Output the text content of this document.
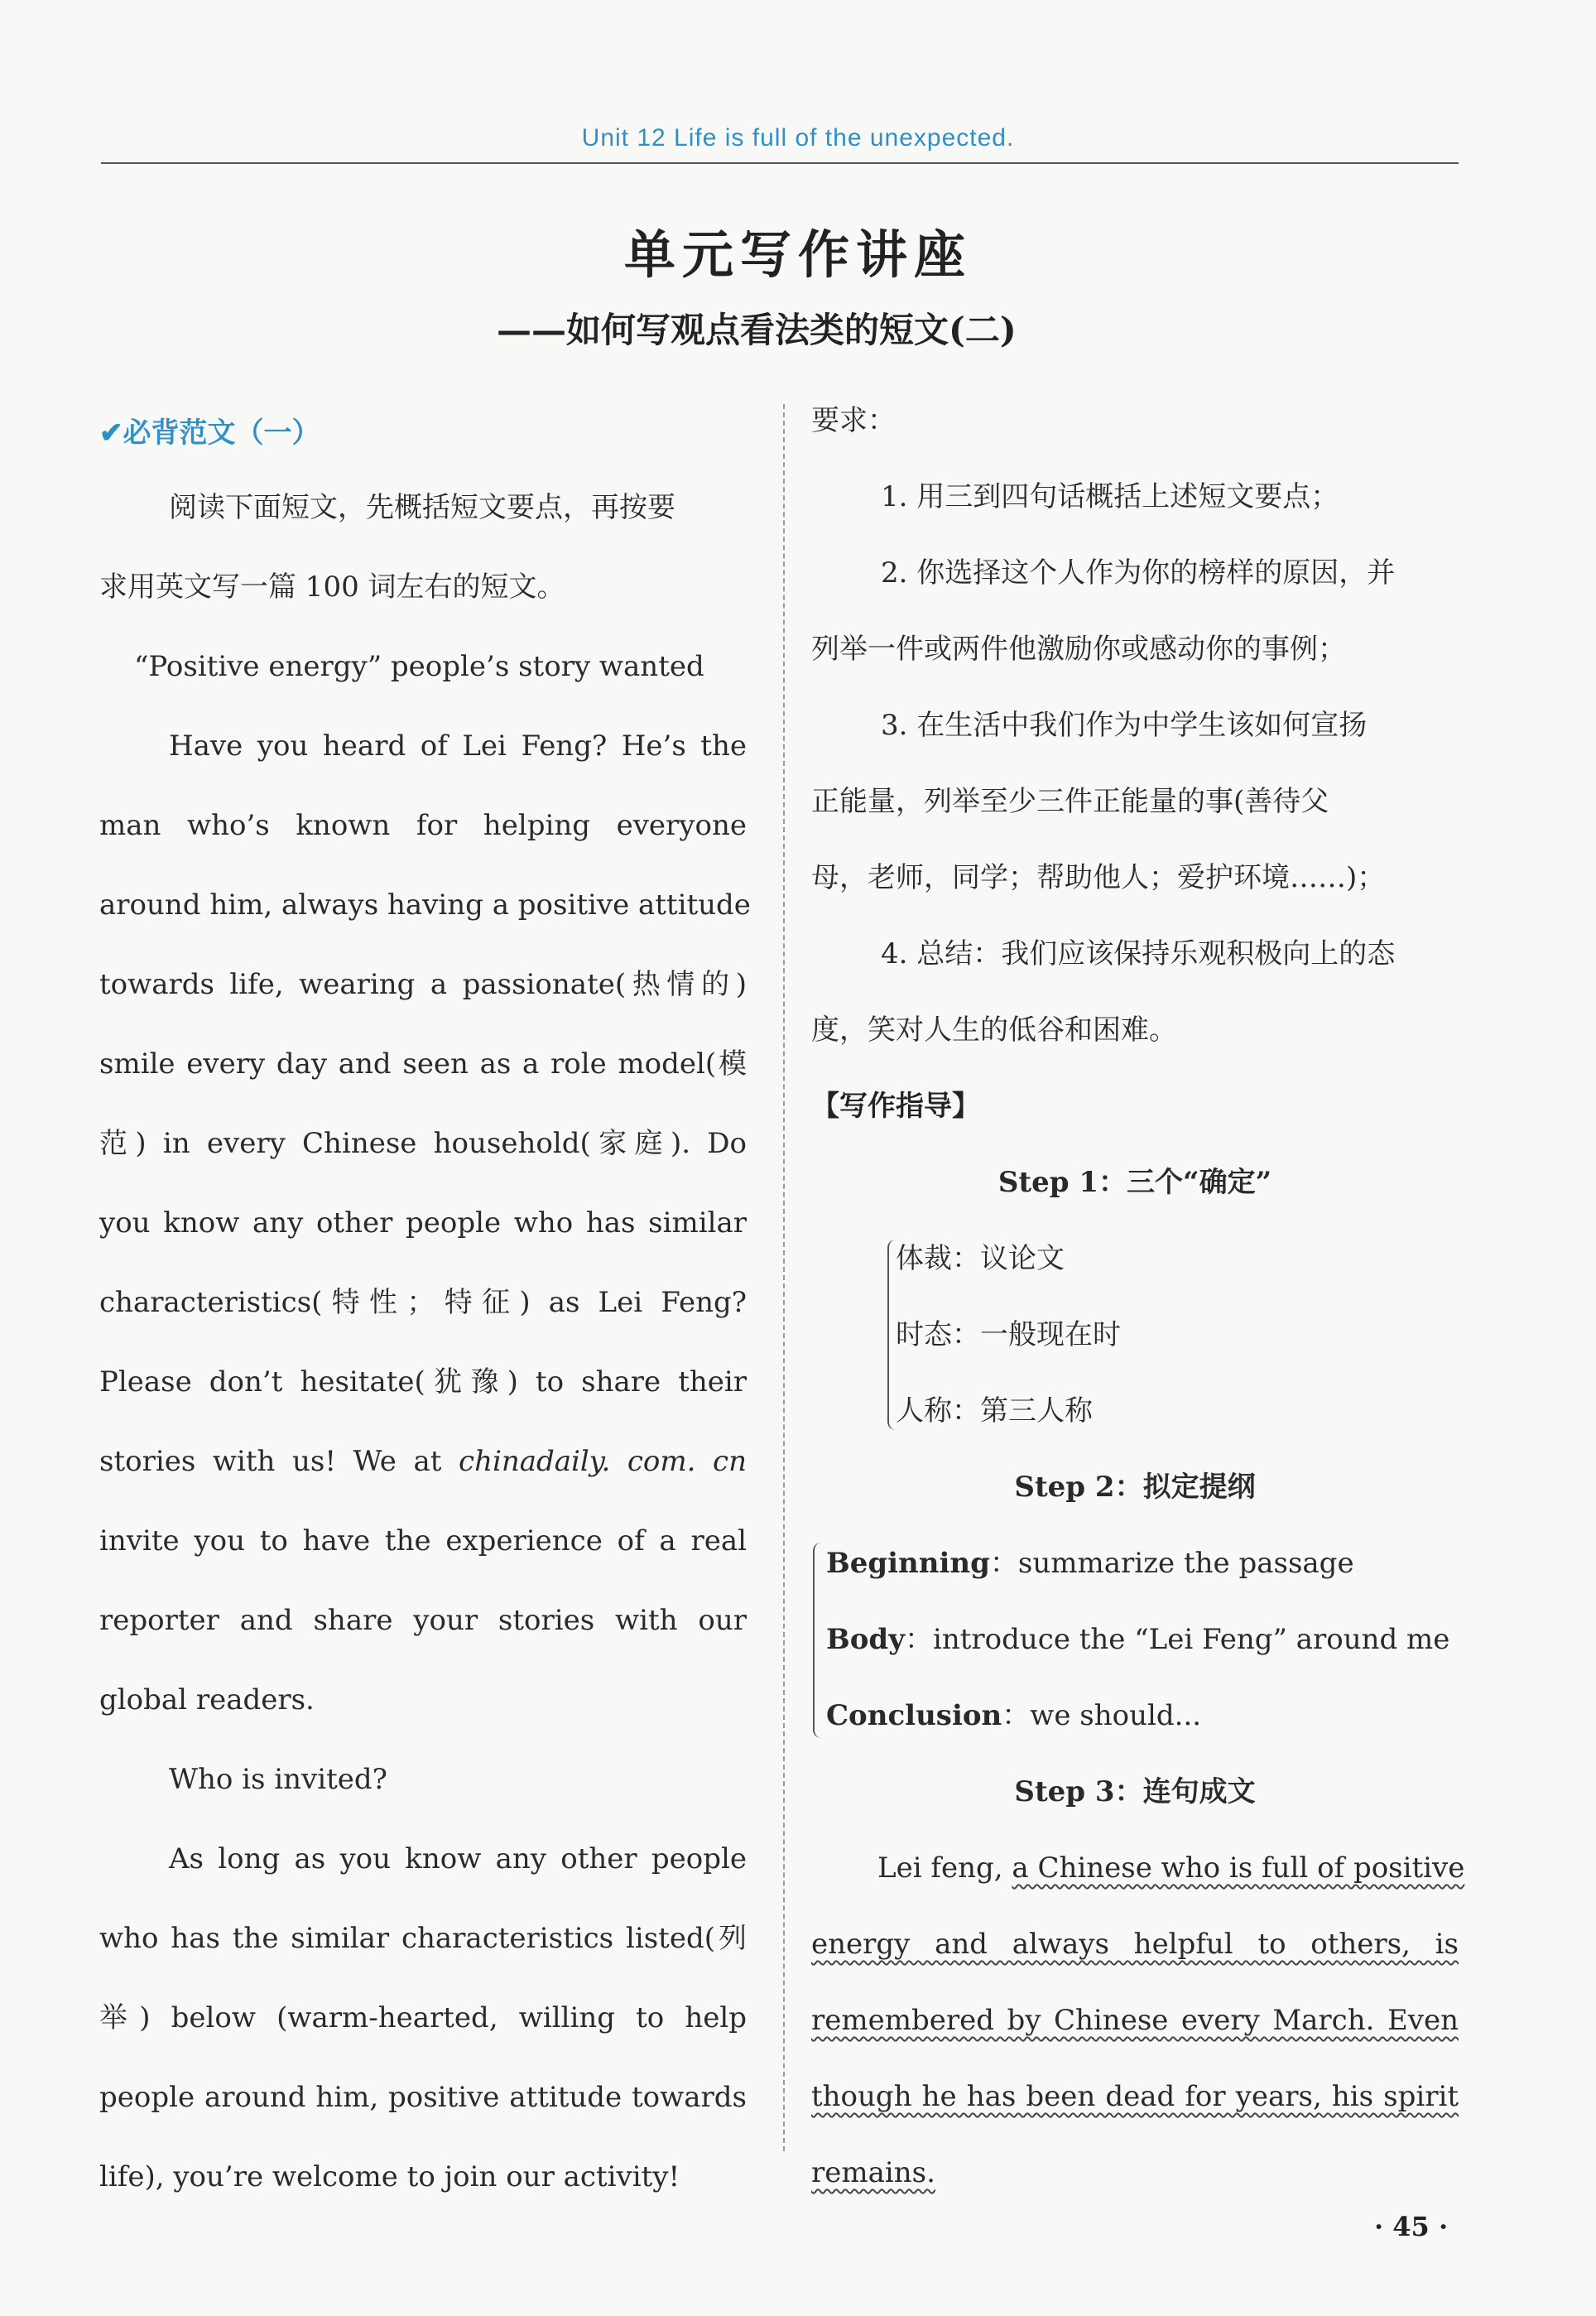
Unit 12 Life is full of the unexpected.
单元写作讲座
——如何写观点看法类的短文(二)
✔必背范文（一）
阅读下面短文，先概括短文要点，再按要
求用英文写一篇 100 词左右的短文。
“Positive energy” people’s story wanted
Have you heard of Lei Feng? He’s the
man who’s known for helping everyone
around him, always having a positive attitude
towards life, wearing a passionate(热情的)
smile every day and seen as a role model(模
范) in every Chinese household(家庭). Do
you know any other people who has similar
characteristics(特性；特征) as Lei Feng?
Please don’t hesitate(犹豫) to share their
stories with us! We at chinadaily. com. cn
invite you to have the experience of a real
reporter and share your stories with our
global readers.
Who is invited?
As long as you know any other people
who has the similar characteristics listed(列
举) below (warm-hearted, willing to help
people around him, positive attitude towards
life), you’re welcome to join our activity!
要求：
1. 用三到四句话概括上述短文要点；
2. 你选择这个人作为你的榜样的原因，并
列举一件或两件他激励你或感动你的事例；
3. 在生活中我们作为中学生该如何宣扬
正能量，列举至少三件正能量的事(善待父
母，老师，同学；帮助他人；爱护环境……)；
4. 总结：我们应该保持乐观积极向上的态
度，笑对人生的低谷和困难。
【写作指导】
Step 1：三个“确定”
体裁：议论文
时态：一般现在时
人称：第三人称
Step 2：拟定提纲
Beginning：summarize the passage
Body：introduce the “Lei Feng” around me
Conclusion：we should...
Step 3：连句成文
Lei feng, a Chinese who is full of positive
energy and always helpful to others, is
remembered by Chinese every March. Even
though he has been dead for years, his spirit
remains.
· 45 ·
